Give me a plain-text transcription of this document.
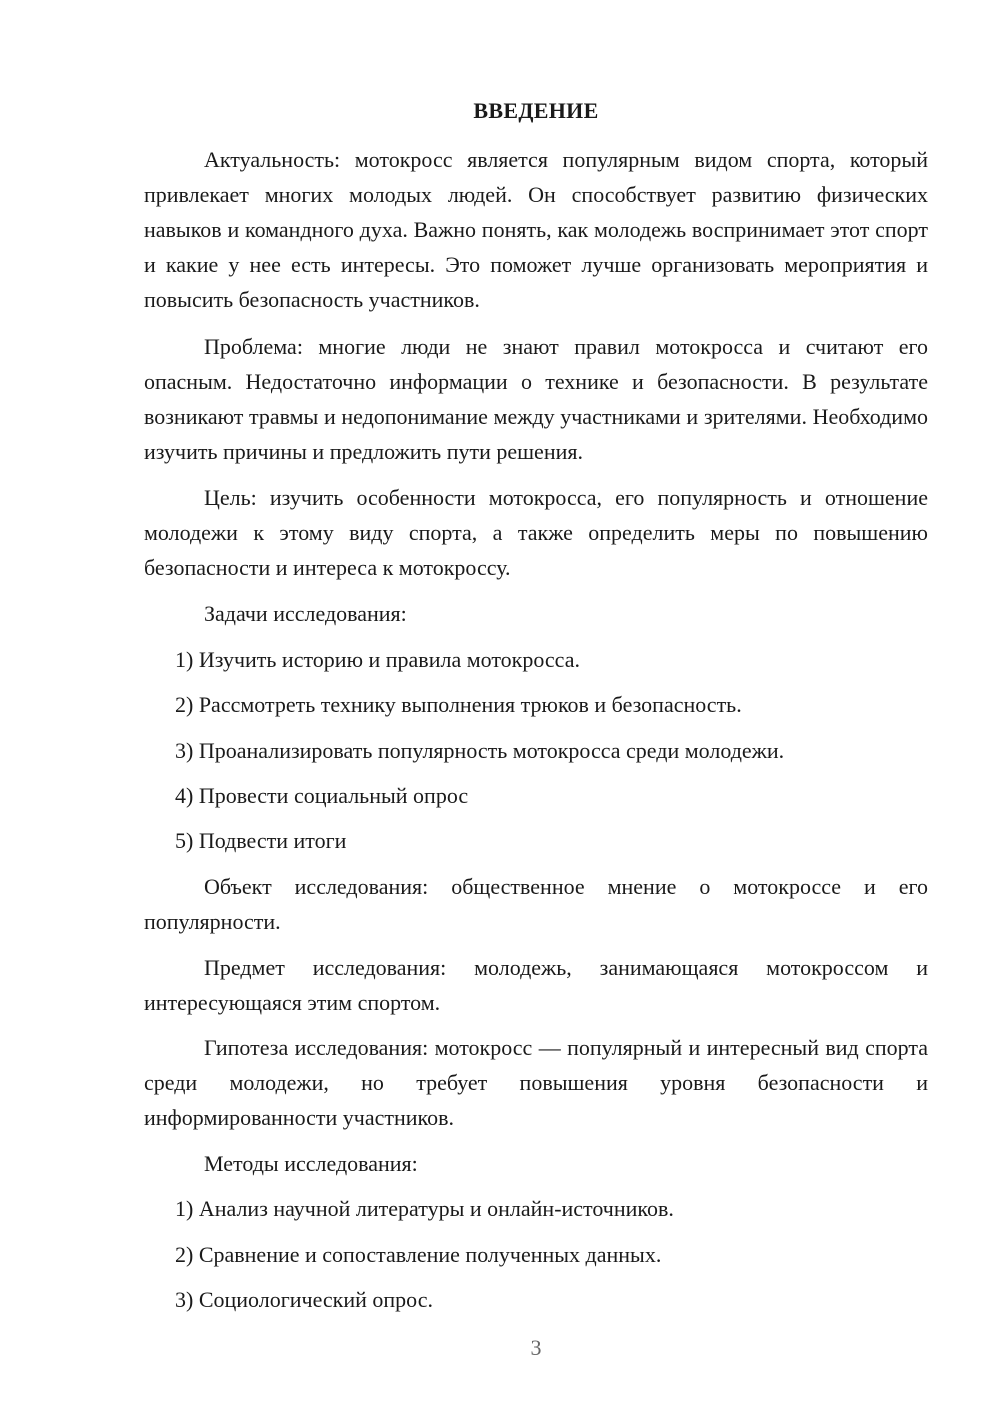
ВВЕДЕНИЕ

Актуальность: мотокросс является популярным видом спорта, который привлекает многих молодых людей. Он способствует развитию физических навыков и командного духа. Важно понять, как молодежь воспринимает этот спорт и какие у нее есть интересы. Это поможет лучше организовать мероприятия и повысить безопасность участников.

Проблема: многие люди не знают правил мотокросса и считают его опасным. Недостаточно информации о технике и безопасности. В результате возникают травмы и недопонимание между участниками и зрителями. Необходимо изучить причины и предложить пути решения.

Цель: изучить особенности мотокросса, его популярность и отношение молодежи к этому виду спорта, а также определить меры по повышению безопасности и интереса к мотокроссу.

Задачи исследования:

1) Изучить историю и правила мотокросса.

2) Рассмотреть технику выполнения трюков и безопасность.

3) Проанализировать популярность мотокросса среди молодежи.

4) Провести социальный опрос

5) Подвести итоги

Объект исследования: общественное мнение о мотокроссе и его популярности.

Предмет исследования: молодежь, занимающаяся мотокроссом и интересующаяся этим спортом.

Гипотеза исследования: мотокросс — популярный и интересный вид спорта среди молодежи, но требует повышения уровня безопасности и информированности участников.

Методы исследования:

1) Анализ научной литературы и онлайн-источников.

2) Сравнение и сопоставление полученных данных.

3) Социологический опрос.

3
